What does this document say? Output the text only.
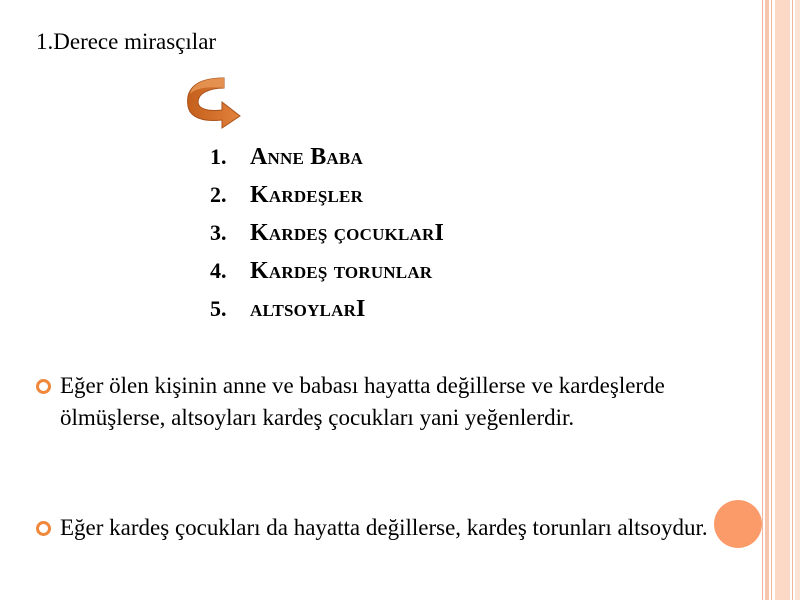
1.Derece mirasçılar
1. Anne Baba
2. Kardeşler
3. Kardeş çocuklarI
4. Kardeş torunlar
5. altsoylarI
Eğer ölen kişinin anne ve babası hayatta değillerse ve kardeşlerde ölmüşlerse, altsoyları kardeş çocukları yani yeğenlerdir.
Eğer kardeş çocukları da hayatta değillerse, kardeş torunları altsoydur.
